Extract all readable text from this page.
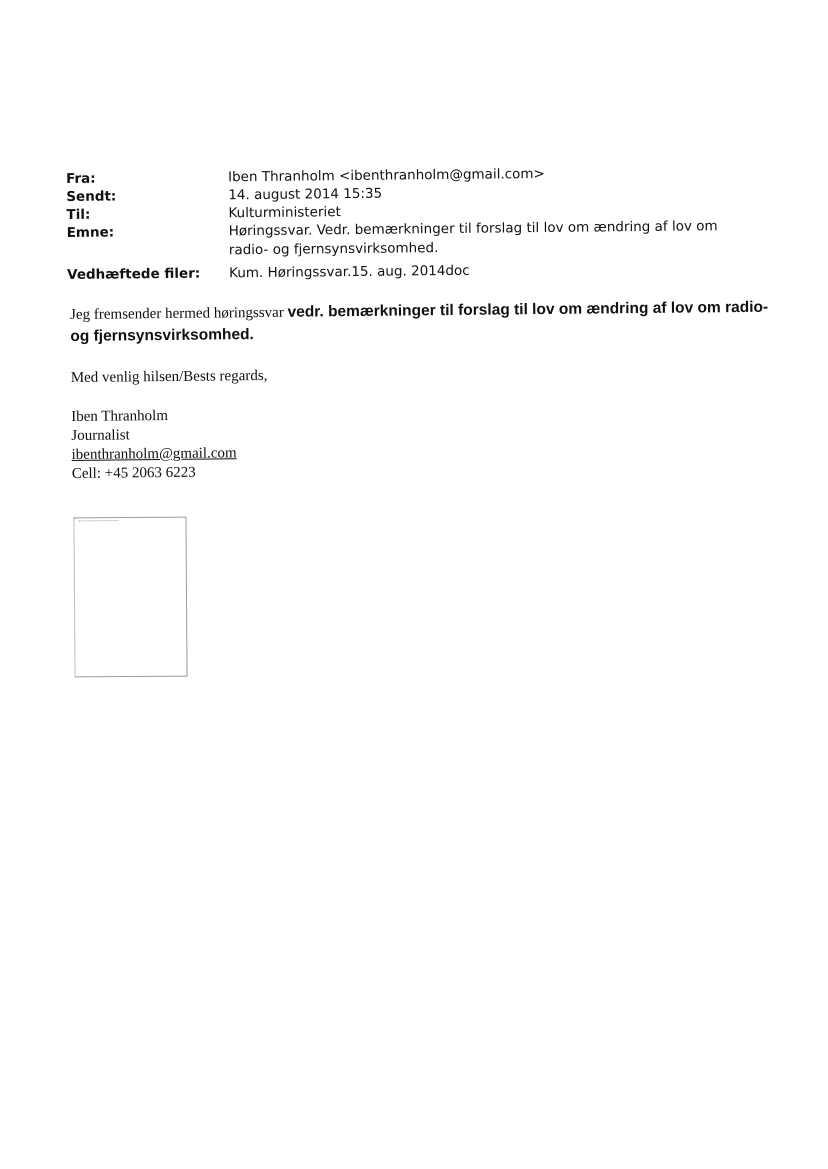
Fra:	Iben Thranholm <ibenthranholm@gmail.com>
Sendt:	14. august 2014 15:35
Til:	Kulturministeriet
Emne:	Høringssvar. Vedr. bemærkninger til forslag til lov om ændring af lov om
radio- og fjernsynsvirksomhed.
Vedhæftede filer:	Kum. Høringssvar.15. aug. 2014doc

Jeg fremsender hermed høringssvar vedr. bemærkninger til forslag til lov om ændring af lov om radio- og fjernsynsvirksomhed.

Med venlig hilsen/Bests regards,

Iben Thranholm
Journalist
ibenthranholm@gmail.com
Cell: +45 2063 6223
